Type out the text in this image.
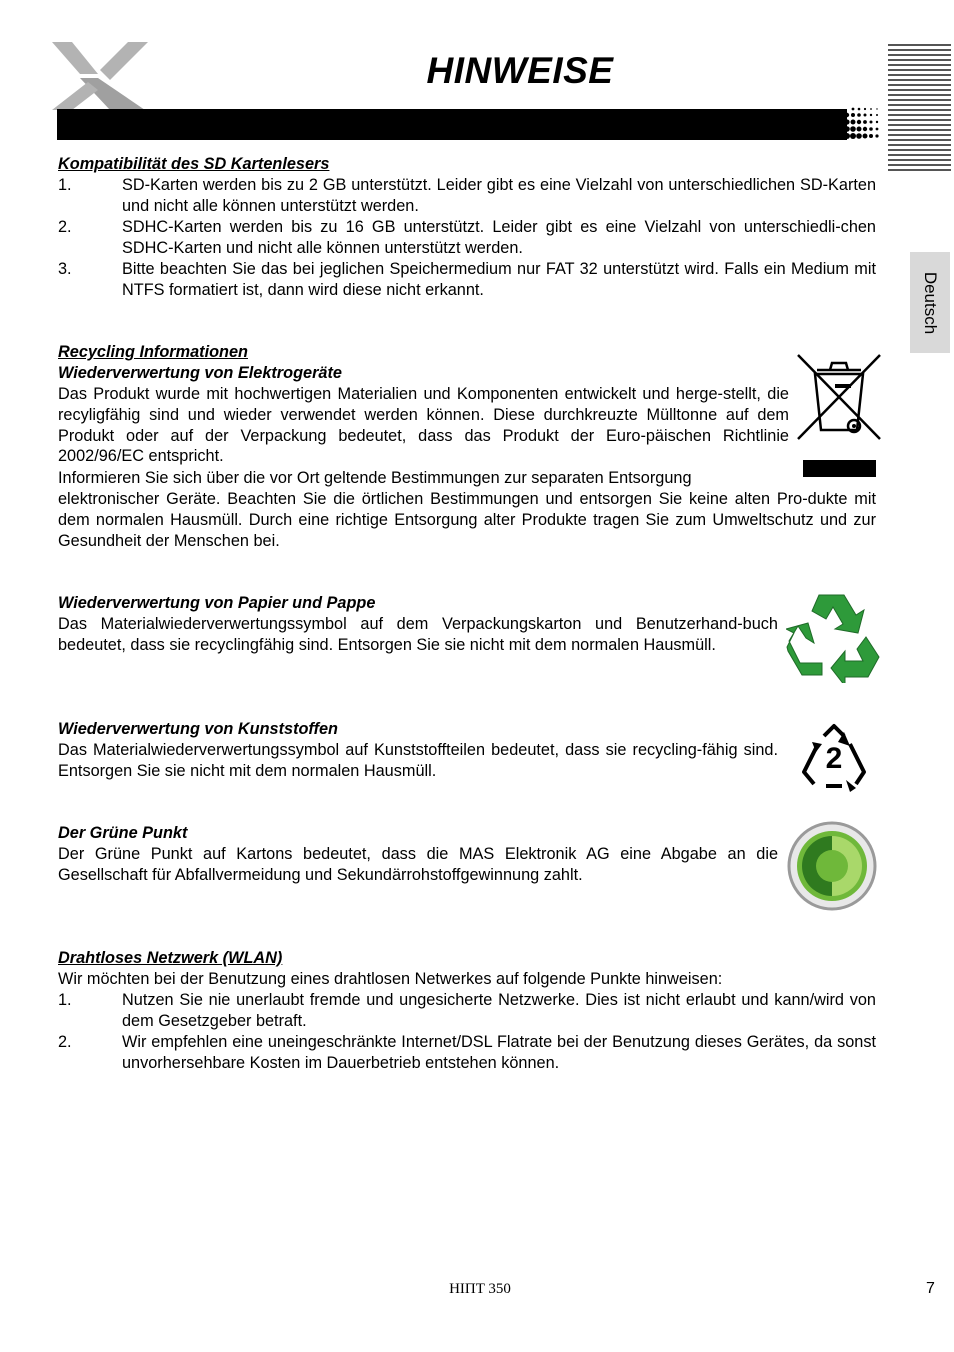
HINWEISE
Deutsch
Kompatibilität des SD Kartenlesers
1.	SD-Karten werden bis zu 2 GB unterstützt. Leider gibt es eine Vielzahl von unterschiedlichen SD-Karten und nicht alle können unterstützt werden.
2.	SDHC-Karten werden bis zu 16 GB unterstützt. Leider gibt es eine Vielzahl von unterschiedli-chen SDHC-Karten und nicht alle können unterstützt werden.
3.	Bitte beachten Sie das bei jeglichen Speichermedium nur FAT 32 unterstützt wird. Falls ein Medium mit NTFS formatiert ist, dann wird diese nicht erkannt.
Recycling Informationen
Wiederverwertung von Elektrogeräte
Das Produkt wurde mit hochwertigen Materialien und Komponenten entwickelt und herge-stellt, die recyligfähig sind und wieder verwendet werden können. Diese durchkreuzte Mülltonne auf dem Produkt oder auf der Verpackung bedeutet, dass das Produkt der Euro-päischen Richtlinie 2002/96/EC entspricht.
Informieren Sie sich über die vor Ort geltende Bestimmungen zur separaten Entsorgung
elektronischer Geräte. Beachten Sie die örtlichen Bestimmungen und entsorgen Sie keine alten Pro-dukte mit dem normalen Hausmüll. Durch eine richtige Entsorgung alter Produkte tragen Sie zum Umweltschutz und zur Gesundheit der Menschen bei.
Wiederverwertung von Papier und Pappe
Das Materialwiederverwertungssymbol auf dem Verpackungskarton und Benutzerhand-buch bedeutet, dass sie recyclingfähig sind. Entsorgen Sie sie nicht mit dem normalen Hausmüll.
Wiederverwertung von Kunststoffen
Das Materialwiederverwertungssymbol auf Kunststoffteilen bedeutet, dass sie recycling-fähig sind. Entsorgen Sie sie nicht mit dem normalen Hausmüll.	2
Der Grüne Punkt
Der Grüne Punkt auf Kartons bedeutet, dass die MAS Elektronik AG eine Abgabe an die Gesellschaft für Abfallvermeidung und Sekundärrohstoffgewinnung zahlt.
Drahtloses Netzwerk (WLAN)
Wir möchten bei der Benutzung eines drahtlosen Netwerkes auf folgende Punkte hinweisen:
1.	Nutzen Sie nie unerlaubt fremde und ungesicherte Netzwerke. Dies ist nicht erlaubt und kann/wird von dem Gesetzgeber betraft.
2.	Wir empfehlen eine uneingeschränkte Internet/DSL Flatrate bei der Benutzung dieses Gerätes, da sonst unvorhersehbare Kosten im Dauerbetrieb entstehen können.
HIΠT 350	7
